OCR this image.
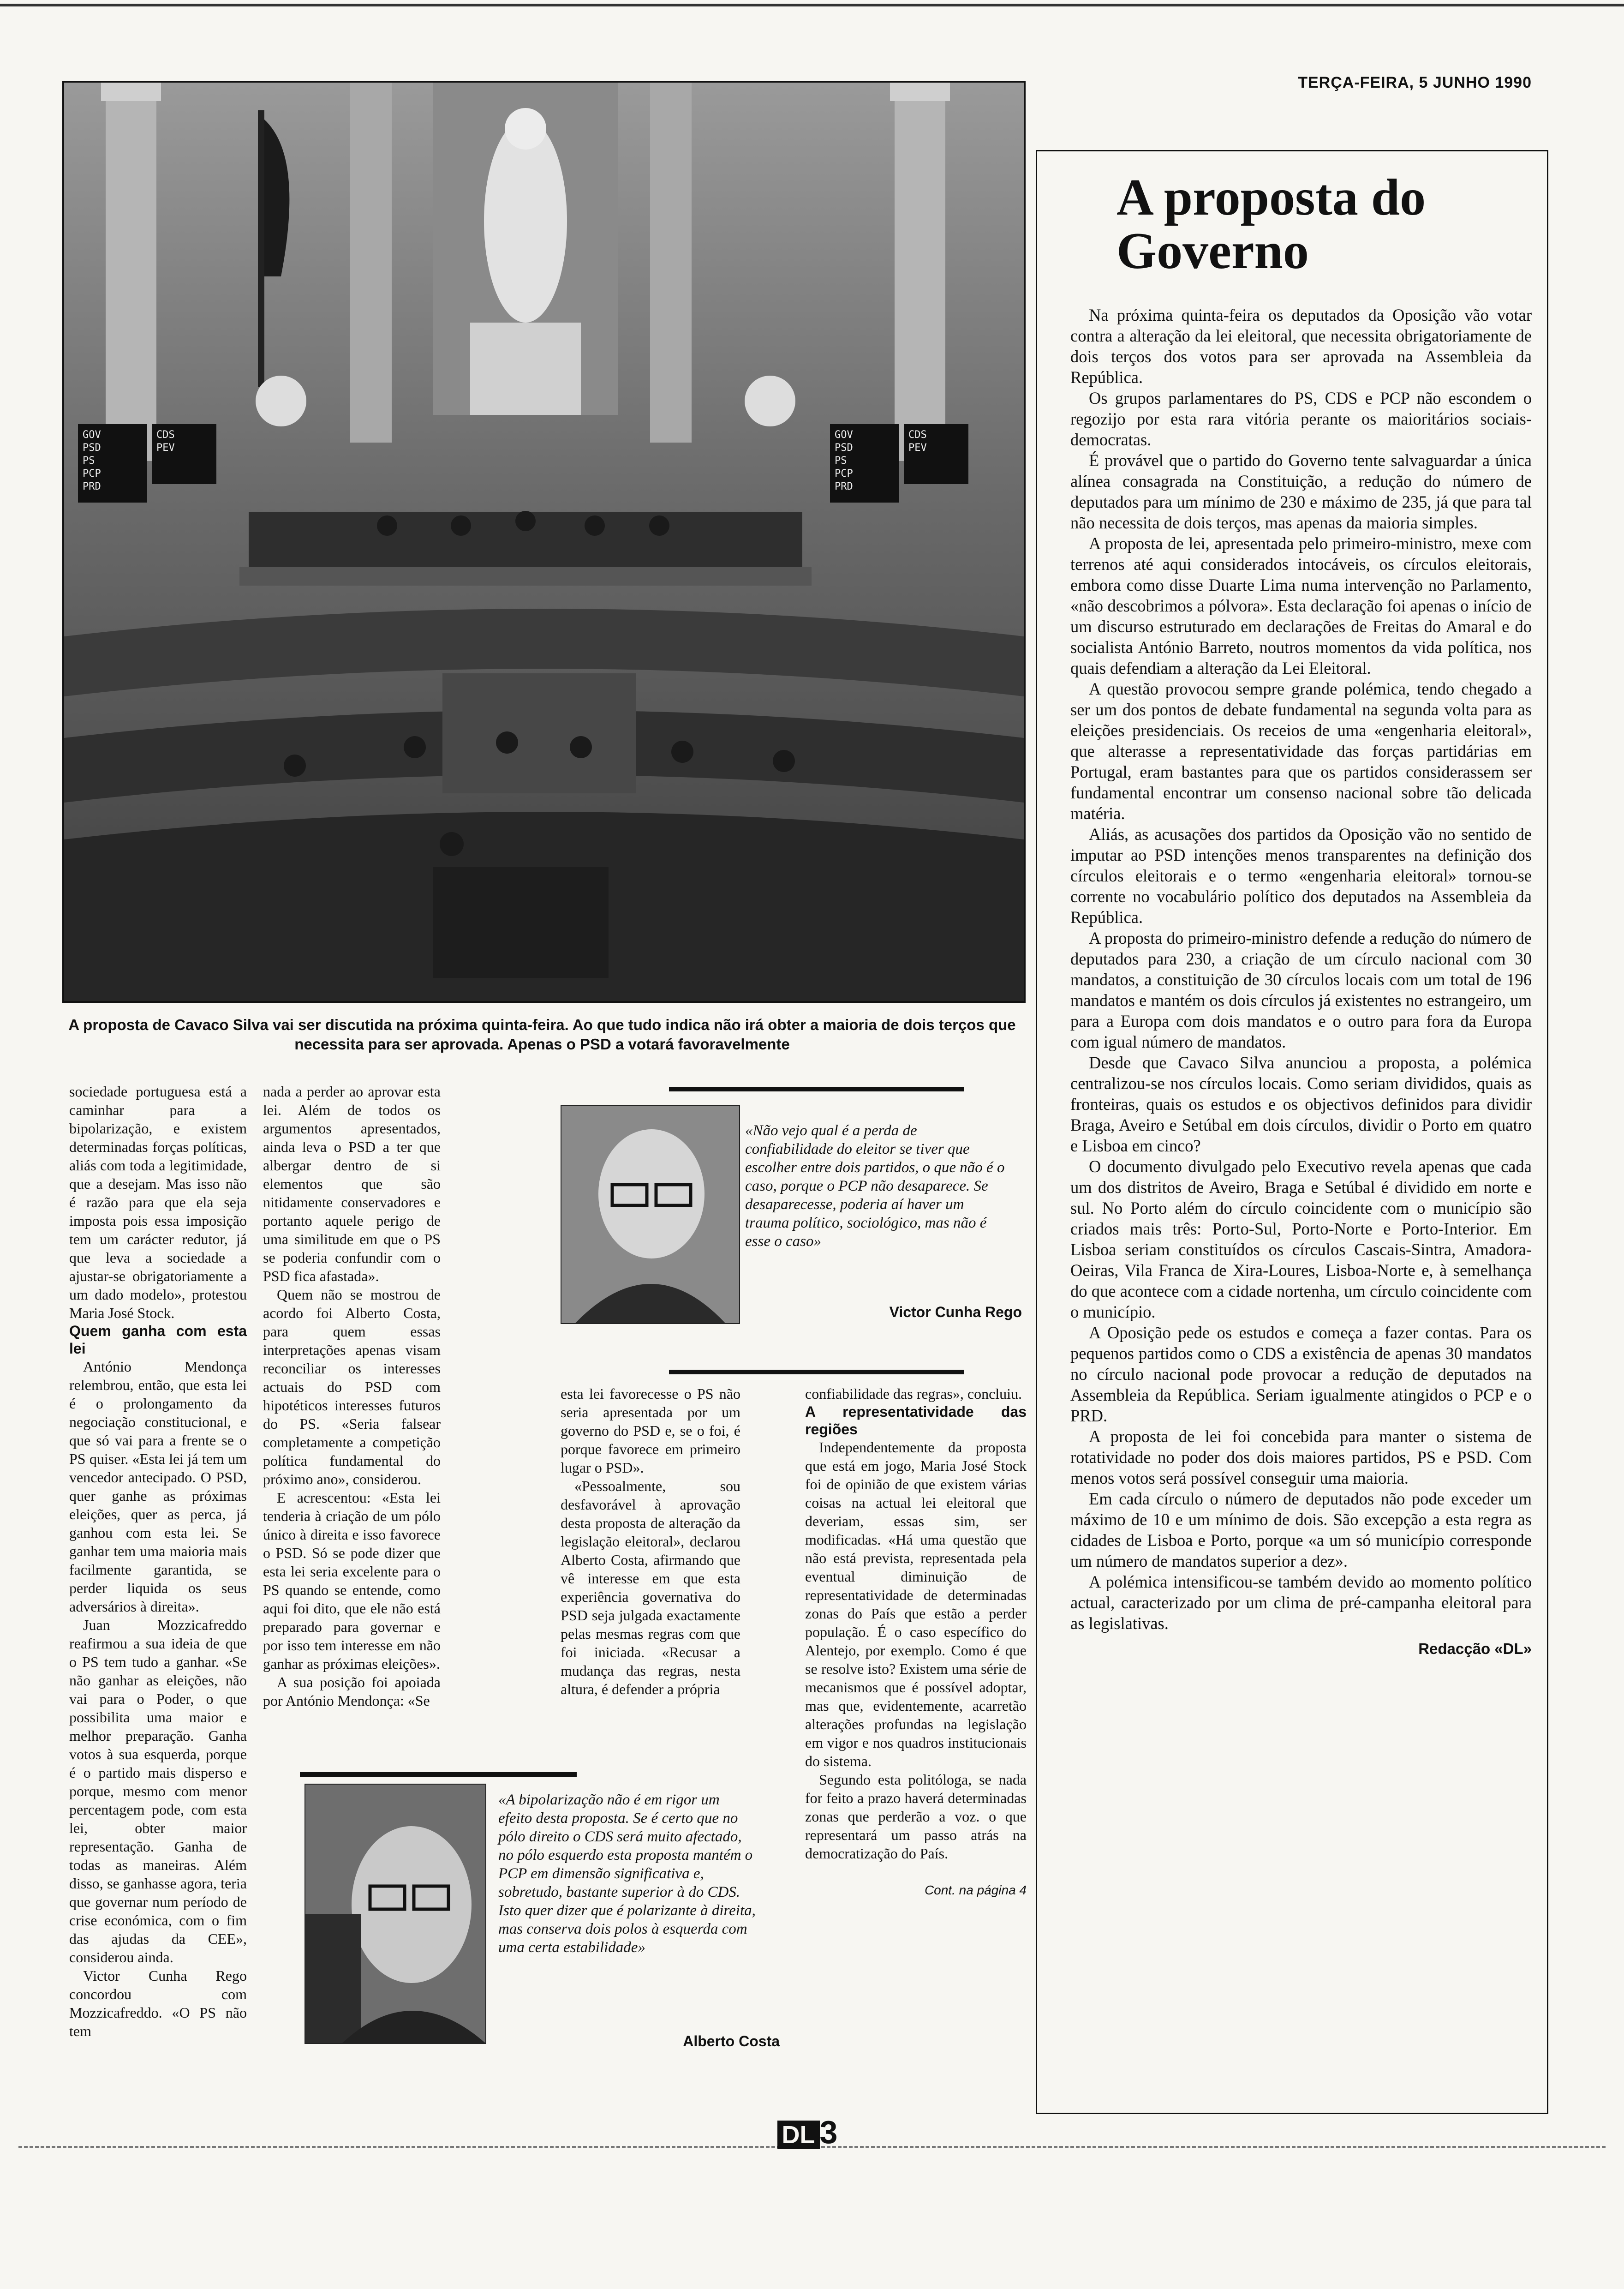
TERÇA-FEIRA, 5 JUNHO 1990
GOV PSD PS PCP PRD
CDS PEV
GOV PSD PS PCP PRD
CDS PEV
A proposta de Cavaco Silva vai ser discutida na próxima quinta-feira. Ao que tudo indica não irá obter a maioria de dois terços que necessita para ser aprovada. Apenas o PSD a votará favoravelmente
A proposta do Governo

Na próxima quinta-feira os deputados da Oposição vão votar contra a alteração da lei eleitoral, que necessita obrigatoriamente de dois terços dos votos para ser aprovada na Assembleia da República.

Os grupos parlamentares do PS, CDS e PCP não escondem o regozijo por esta rara vitória perante os maioritários sociais-democratas.

É provável que o partido do Governo tente salvaguardar a única alínea consagrada na Constituição, a redução do número de deputados para um mínimo de 230 e máximo de 235, já que para tal não necessita de dois terços, mas apenas da maioria simples.

A proposta de lei, apresentada pelo primeiro-ministro, mexe com terrenos até aqui considerados intocáveis, os círculos eleitorais, embora como disse Duarte Lima numa intervenção no Parlamento, «não descobrimos a pólvora». Esta declaração foi apenas o início de um discurso estruturado em declarações de Freitas do Amaral e do socialista António Barreto, noutros momentos da vida política, nos quais defendiam a alteração da Lei Eleitoral.

A questão provocou sempre grande polémica, tendo chegado a ser um dos pontos de debate fundamental na segunda volta para as eleições presidenciais. Os receios de uma «engenharia eleitoral», que alterasse a representatividade das forças partidárias em Portugal, eram bastantes para que os partidos considerassem ser fundamental encontrar um consenso nacional sobre tão delicada matéria.

Aliás, as acusações dos partidos da Oposição vão no sentido de imputar ao PSD intenções menos transparentes na definição dos círculos eleitorais e o termo «engenharia eleitoral» tornou-se corrente no vocabulário político dos deputados na Assembleia da República.

A proposta do primeiro-ministro defende a redução do número de deputados para 230, a criação de um círculo nacional com 30 mandatos, a constituição de 30 círculos locais com um total de 196 mandatos e mantém os dois círculos já existentes no estrangeiro, um para a Europa com dois mandatos e o outro para fora da Europa com igual número de mandatos.

Desde que Cavaco Silva anunciou a proposta, a polémica centralizou-se nos círculos locais. Como seriam divididos, quais as fronteiras, quais os estudos e os objectivos definidos para dividir Braga, Aveiro e Setúbal em dois círculos, dividir o Porto em quatro e Lisboa em cinco?

O documento divulgado pelo Executivo revela apenas que cada um dos distritos de Aveiro, Braga e Setúbal é dividido em norte e sul. No Porto além do círculo coincidente com o município são criados mais três: Porto-Sul, Porto-Norte e Porto-Interior. Em Lisboa seriam constituídos os círculos Cascais-Sintra, Amadora-Oeiras, Vila Franca de Xira-Loures, Lisboa-Norte e, à semelhança do que acontece com a cidade nortenha, um círculo coincidente com o município.

A Oposição pede os estudos e começa a fazer contas. Para os pequenos partidos como o CDS a existência de apenas 30 mandatos no círculo nacional pode provocar a redução de deputados na Assembleia da República. Seriam igualmente atingidos o PCP e o PRD.

A proposta de lei foi concebida para manter o sistema de rotatividade no poder dos dois maiores partidos, PS e PSD. Com menos votos será possível conseguir uma maioria.

Em cada círculo o número de deputados não pode exceder um máximo de 10 e um mínimo de dois. São excepção a esta regra as cidades de Lisboa e Porto, porque «a um só município corresponde um número de mandatos superior a dez».

A polémica intensificou-se também devido ao momento político actual, caracterizado por um clima de pré-campanha eleitoral para as legislativas.

Redacção «DL»

sociedade portuguesa está a caminhar para a bipolarização, e existem determinadas forças políticas, aliás com toda a legitimidade, que a desejam. Mas isso não é razão para que ela seja imposta pois essa imposição tem um carácter redutor, já que leva a sociedade a ajustar-se obrigatoriamente a um dado modelo», protestou Maria José Stock.

Quem ganha com esta lei

António Mendonça relembrou, então, que esta lei é o prolongamento da negociação constitucional, e que só vai para a frente se o PS quiser. «Esta lei já tem um vencedor antecipado. O PSD, quer ganhe as próximas eleições, quer as perca, já ganhou com esta lei. Se ganhar tem uma maioria mais facilmente garantida, se perder liquida os seus adversários à direita».

Juan Mozzicafreddo reafirmou a sua ideia de que o PS tem tudo a ganhar. «Se não ganhar as eleições, não vai para o Poder, o que possibilita uma maior e melhor preparação. Ganha votos à sua esquerda, porque é o partido mais disperso e porque, mesmo com menor percentagem pode, com esta lei, obter maior representação. Ganha de todas as maneiras. Além disso, se ganhasse agora, teria que governar num período de crise económica, com o fim das ajudas da CEE», considerou ainda.

Victor Cunha Rego concordou com Mozzicafreddo. «O PS não tem

nada a perder ao aprovar esta lei. Além de todos os argumentos apresentados, ainda leva o PSD a ter que albergar dentro de si elementos que são nitidamente conservadores e portanto aquele perigo de uma similitude em que o PS se poderia confundir com o PSD fica afastada».

Quem não se mostrou de acordo foi Alberto Costa, para quem essas interpretações apenas visam reconciliar os interesses actuais do PSD com hipotéticos interesses futuros do PS. «Seria falsear completamente a competição política fundamental do próximo ano», considerou.

E acrescentou: «Esta lei tenderia à criação de um pólo único à direita e isso favorece o PSD. Só se pode dizer que esta lei seria excelente para o PS quando se entende, como aqui foi dito, que ele não está preparado para governar e por isso tem interesse em não ganhar as próximas eleições».

A sua posição foi apoiada por António Mendonça: «Se

«Não vejo qual é a perda de confiabilidade do eleitor se tiver que escolher entre dois partidos, o que não é o caso, porque o PCP não desaparece. Se desaparecesse, poderia aí haver um trauma político, sociológico, mas não é esse o caso»
Victor Cunha Rego

esta lei favorecesse o PS não seria apresentada por um governo do PSD e, se o foi, é porque favorece em primeiro lugar o PSD».

«Pessoalmente, sou desfavorável à aprovação desta proposta de alteração da legislação eleitoral», declarou Alberto Costa, afirmando que vê interesse em que esta experiência governativa do PSD seja julgada exactamente pelas mesmas regras com que foi iniciada. «Recusar a mudança das regras, nesta altura, é defender a própria

confiabilidade das regras», concluiu.

A representatividade das regiões

Independentemente da proposta que está em jogo, Maria José Stock foi de opinião de que existem várias coisas na actual lei eleitoral que deveriam, essas sim, ser modificadas. «Há uma questão que não está prevista, representada pela eventual diminuição de representatividade de determinadas zonas do País que estão a perder população. É o caso específico do Alentejo, por exemplo. Como é que se resolve isto? Existem uma série de mecanismos que é possível adoptar, mas que, evidentemente, acarretão alterações profundas na legislação em vigor e nos quadros institucionais do sistema.

Segundo esta politóloga, se nada for feito a prazo haverá determinadas zonas que perderão a voz. o que representará um passo atrás na democratização do País.

Cont. na página 4
«A bipolarização não é em rigor um efeito desta proposta. Se é certo que no pólo direito o CDS será muito afectado, no pólo esquerdo esta proposta mantém o PCP em dimensão significativa e, sobretudo, bastante superior à do CDS. Isto quer dizer que é polarizante à direita, mas conserva dois polos à esquerda com uma certa estabilidade»
Alberto Costa
DL 3
